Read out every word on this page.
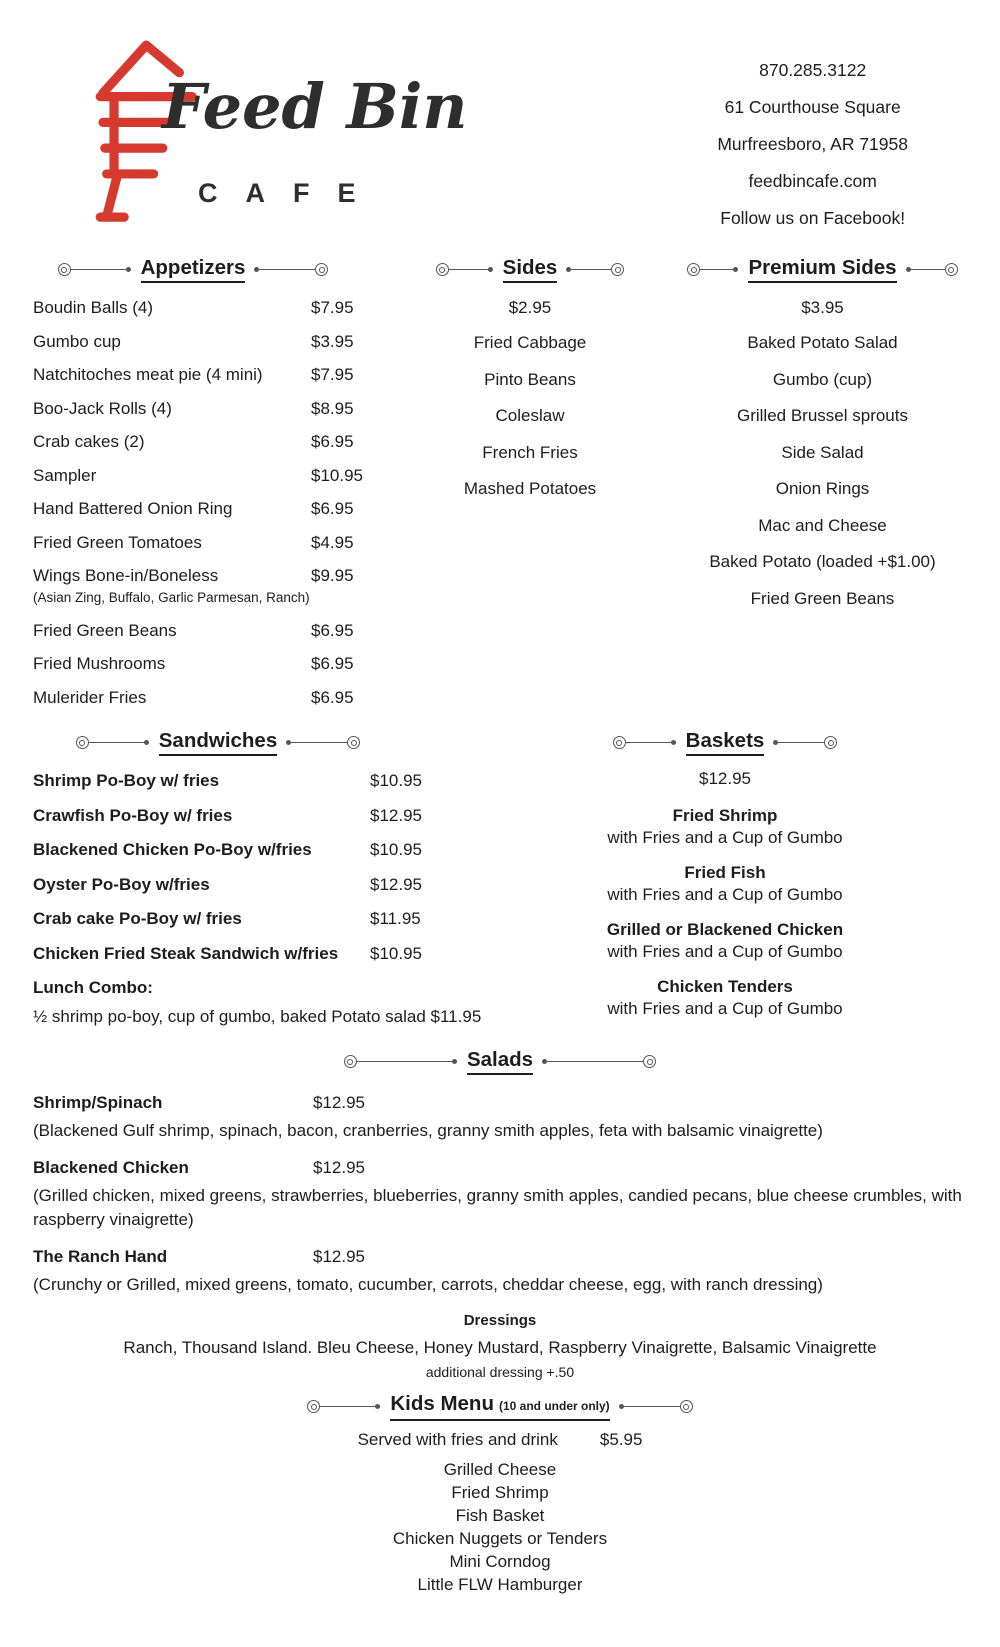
Feed Bin
CAFE
870.285.3122
61 Courthouse Square
Murfreesboro, AR 71958
feedbincafe.com
Follow us on Facebook!
Appetizers
Boudin Balls (4)	$7.95
Gumbo cup	$3.95
Natchitoches meat pie (4 mini)	$7.95
Boo-Jack Rolls (4)	$8.95
Crab cakes (2)	$6.95
Sampler	$10.95
Hand Battered Onion Ring	$6.95
Fried Green Tomatoes	$4.95
Wings Bone-in/Boneless	$9.95
(Asian Zing, Buffalo, Garlic Parmesan, Ranch)
Fried Green Beans	$6.95
Fried Mushrooms	$6.95
Mulerider Fries	$6.95
Sides
$2.95
Fried Cabbage
Pinto Beans
Coleslaw
French Fries
Mashed Potatoes
Premium Sides
$3.95
Baked Potato Salad
Gumbo (cup)
Grilled Brussel sprouts
Side Salad
Onion Rings
Mac and Cheese
Baked Potato (loaded +$1.00)
Fried Green Beans
Sandwiches
Shrimp Po-Boy w/ fries	$10.95
Crawfish Po-Boy w/ fries	$12.95
Blackened Chicken Po-Boy w/fries	$10.95
Oyster Po-Boy w/fries	$12.95
Crab cake Po-Boy w/ fries	$11.95
Chicken Fried Steak Sandwich w/fries	$10.95
Lunch Combo:
½ shrimp po-boy, cup of gumbo, baked Potato salad $11.95
Baskets
$12.95
Fried Shrimp
with Fries and a Cup of Gumbo
Fried Fish
with Fries and a Cup of Gumbo
Grilled or Blackened Chicken
with Fries and a Cup of Gumbo
Chicken Tenders
with Fries and a Cup of Gumbo
Salads
Shrimp/Spinach	$12.95
(Blackened Gulf shrimp, spinach, bacon, cranberries, granny smith apples, feta with balsamic vinaigrette)
Blackened Chicken	$12.95
(Grilled chicken, mixed greens, strawberries, blueberries, granny smith apples, candied pecans, blue cheese crumbles, with raspberry vinaigrette)
The Ranch Hand	$12.95
(Crunchy or Grilled, mixed greens, tomato, cucumber, carrots, cheddar cheese, egg, with ranch dressing)
Dressings
Ranch, Thousand Island. Bleu Cheese, Honey Mustard, Raspberry Vinaigrette, Balsamic Vinaigrette
additional dressing +.50
Kids Menu (10 and under only)
Served with fries and drink $5.95
Grilled Cheese
Fried Shrimp
Fish Basket
Chicken Nuggets or Tenders
Mini Corndog
Little FLW Hamburger
